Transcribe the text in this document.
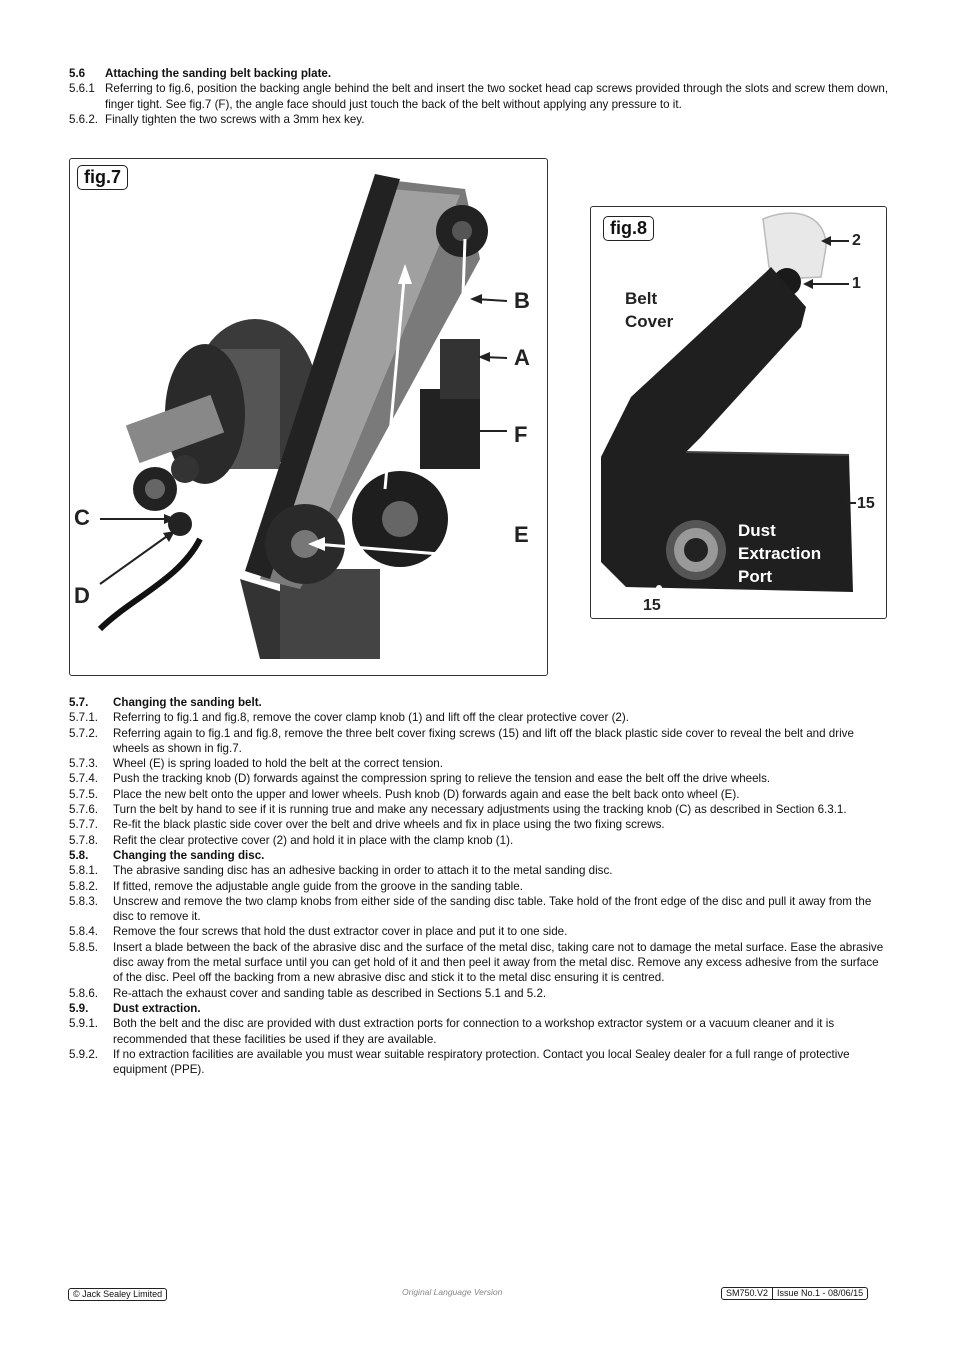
5.6	Attaching the sanding belt backing plate.
5.6.1 Referring to fig.6, position the backing angle behind the belt and insert the two socket head cap screws provided through the slots and screw them down, finger tight. See fig.7 (F), the angle face should just touch the back of the belt without applying any pressure to it.
5.6.2. Finally tighten the two screws with a 3mm hex key.
fig.7
B
A
F
E
C
D
fig.8
2
1
15
15
15
Belt
Cover
Dust
Extraction
Port
5.7.	Changing the sanding belt.
5.7.1.	Referring to fig.1 and fig.8, remove the cover clamp knob (1) and lift off the clear protective cover (2).
5.7.2.	Referring again to fig.1 and fig.8, remove the three belt cover fixing screws (15) and lift off the black plastic side cover to reveal the belt and drive wheels as shown in fig.7.
5.7.3.	Wheel (E) is spring loaded to hold the belt at the correct tension.
5.7.4.	Push the tracking knob (D) forwards against the compression spring to relieve the tension and ease the belt off the drive wheels.
5.7.5.	Place the new belt onto the upper and lower wheels. Push knob (D) forwards again and ease the belt back onto wheel (E).
5.7.6.	Turn the belt by hand to see if it is running true and make any necessary adjustments using the tracking knob (C) as described in Section 6.3.1.
5.7.7.	Re-fit the black plastic side cover over the belt and drive wheels and fix in place using the two fixing screws.
5.7.8.	Refit the clear protective cover (2) and hold it in place with the clamp knob (1).
5.8.	Changing the sanding disc.
5.8.1.	The abrasive sanding disc has an adhesive backing in order to attach it to the metal sanding disc.
5.8.2.	If fitted, remove the adjustable angle guide from the groove in the sanding table.
5.8.3.	Unscrew and remove the two clamp knobs from either side of the sanding disc table. Take hold of the front edge of the disc and pull it away from the disc to remove it.
5.8.4.	Remove the four screws that hold the dust extractor cover in place and put it to one side.
5.8.5.	Insert a blade between the back of the abrasive disc and the surface of the metal disc, taking care not to damage the metal surface. Ease the abrasive disc away from the metal surface until you can get hold of it and then peel it away from the metal disc. Remove any excess adhesive from the surface of the disc. Peel off the backing from a new abrasive disc and stick it to the metal disc ensuring it is centred.
5.8.6.	Re-attach the exhaust cover and sanding table as described in Sections 5.1 and 5.2.
5.9.	Dust extraction.
5.9.1.	Both the belt and the disc are provided with dust extraction ports for connection to a workshop extractor system or a vacuum cleaner and it is recommended that these facilities be used if they are available.
5.9.2.	If no extraction facilities are available you must wear suitable respiratory protection. Contact you local Sealey dealer for a full range of protective equipment (PPE).
© Jack Sealey Limited	Original Language Version	SM750.V2	Issue No.1 - 08/06/15
